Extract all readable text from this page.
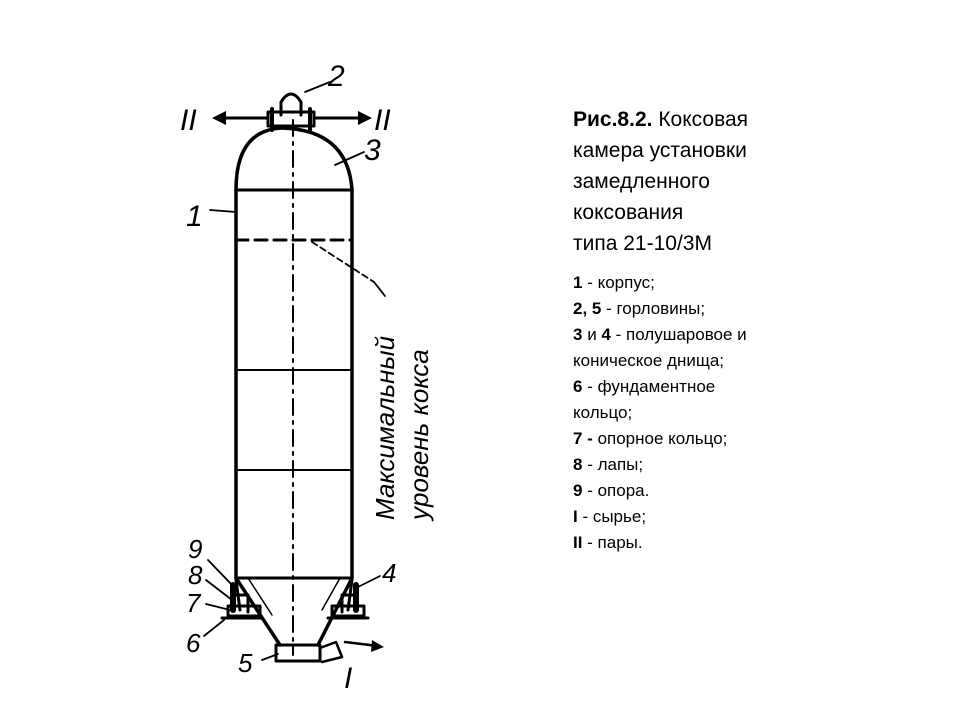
2
3
1
9
8
7
6
4
5
II	II
I
Максимальный уровень кокса
Рис.8.2. Коксовая
камера установки
замедленного
коксования
типа 21-10/3М
1 - корпус;
2, 5 - горловины;
3 и 4 - полушаровое и
коническое днища;
6 - фундаментное
кольцо;
7 - опорное кольцо;
8 - лапы;
9 - опора.
I - сырье;
II - пары.
